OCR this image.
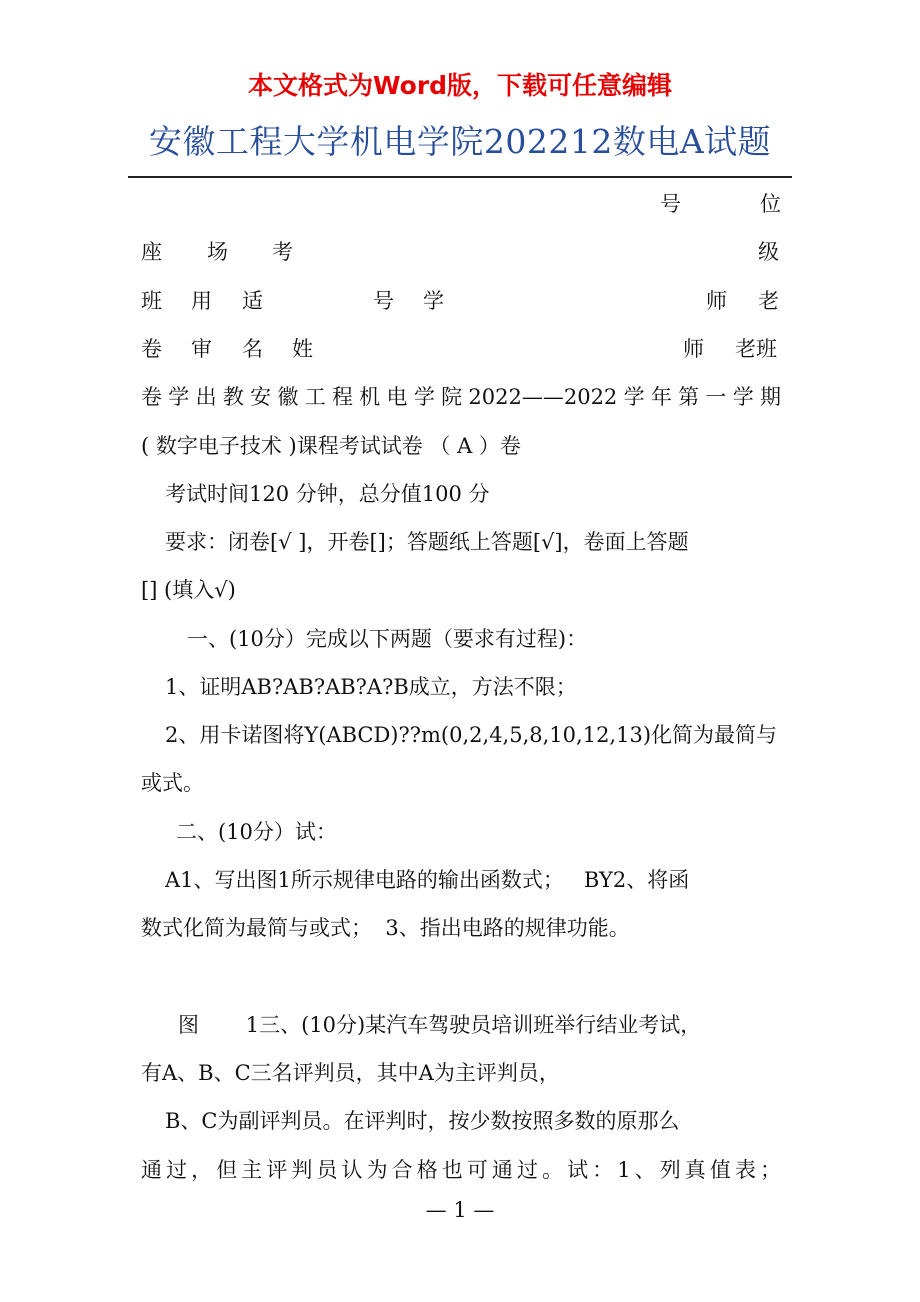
本文格式为Word版，下载可任意编辑
安徽工程大学机电学院202212数电A试题
号	位
座 场 考	级
班 用 适	号 学	师 老
卷 审 名 姓	师 老班
卷学出教安徽工程机电学院2022——2022学年第一学期
( 数字电子技术 )课程考试试卷 （ A ）卷
考试时间120 分钟，总分值100 分
要求：闭卷[√ ]，开卷[]；答题纸上答题[√]，卷面上答题
[] (填入√)
一、(10分）完成以下两题（要求有过程)：
1、证明AB?AB?AB?A?B成立，方法不限；
2、用卡诺图将Y(ABCD)??m(0,2,4,5,8,10,12,13)化简为最简与
或式。
二、(10分）试：
A1、写出图1所示规律电路的输出函数式；   BY2、将函
数式化简为最简与或式；  3、指出电路的规律功能。
图       1三、(10分)某汽车驾驶员培训班举行结业考试，
有A、B、C三名评判员，其中A为主评判员，
B、C为副评判员。在评判时，按少数按照多数的原那么
通过，但主评判员认为合格也可通过。试：1、列真值表；
— 1 —
